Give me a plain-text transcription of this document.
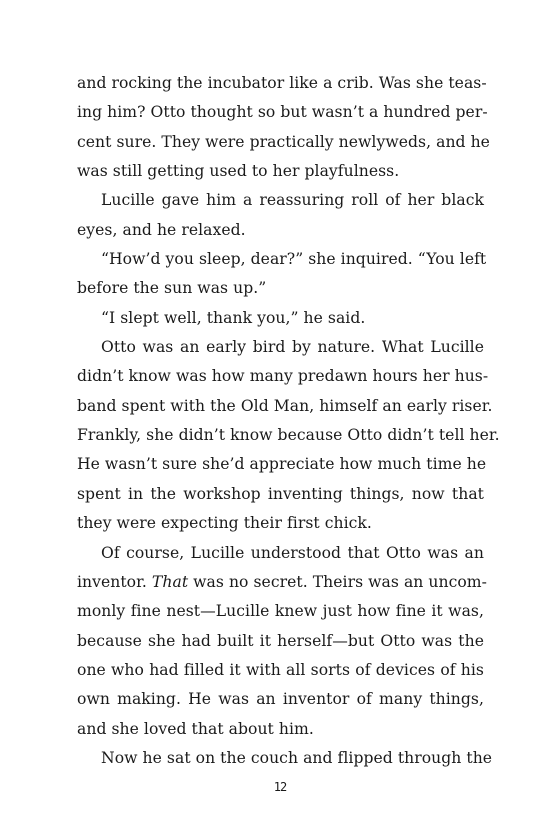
and rocking the incubator like a crib. Was she teas-
ing him? Otto thought so but wasn’t a hundred per-
cent sure. They were practically newlyweds, and he
was still getting used to her playfulness.

Lucille gave him a reassuring roll of her black
eyes, and he relaxed.

“How’d you sleep, dear?” she inquired. “You left
before the sun was up.”

“I slept well, thank you,” he said.

Otto was an early bird by nature. What Lucille
didn’t know was how many predawn hours her hus-
band spent with the Old Man, himself an early riser.
Frankly, she didn’t know because Otto didn’t tell her.
He wasn’t sure she’d appreciate how much time he
spent in the workshop inventing things, now that
they were expecting their first chick.

Of course, Lucille understood that Otto was an
inventor. That was no secret. Theirs was an uncom-
monly fine nest—Lucille knew just how fine it was,
because she had built it herself—but Otto was the
one who had filled it with all sorts of devices of his
own making. He was an inventor of many things,
and she loved that about him.

Now he sat on the couch and flipped through the

12
